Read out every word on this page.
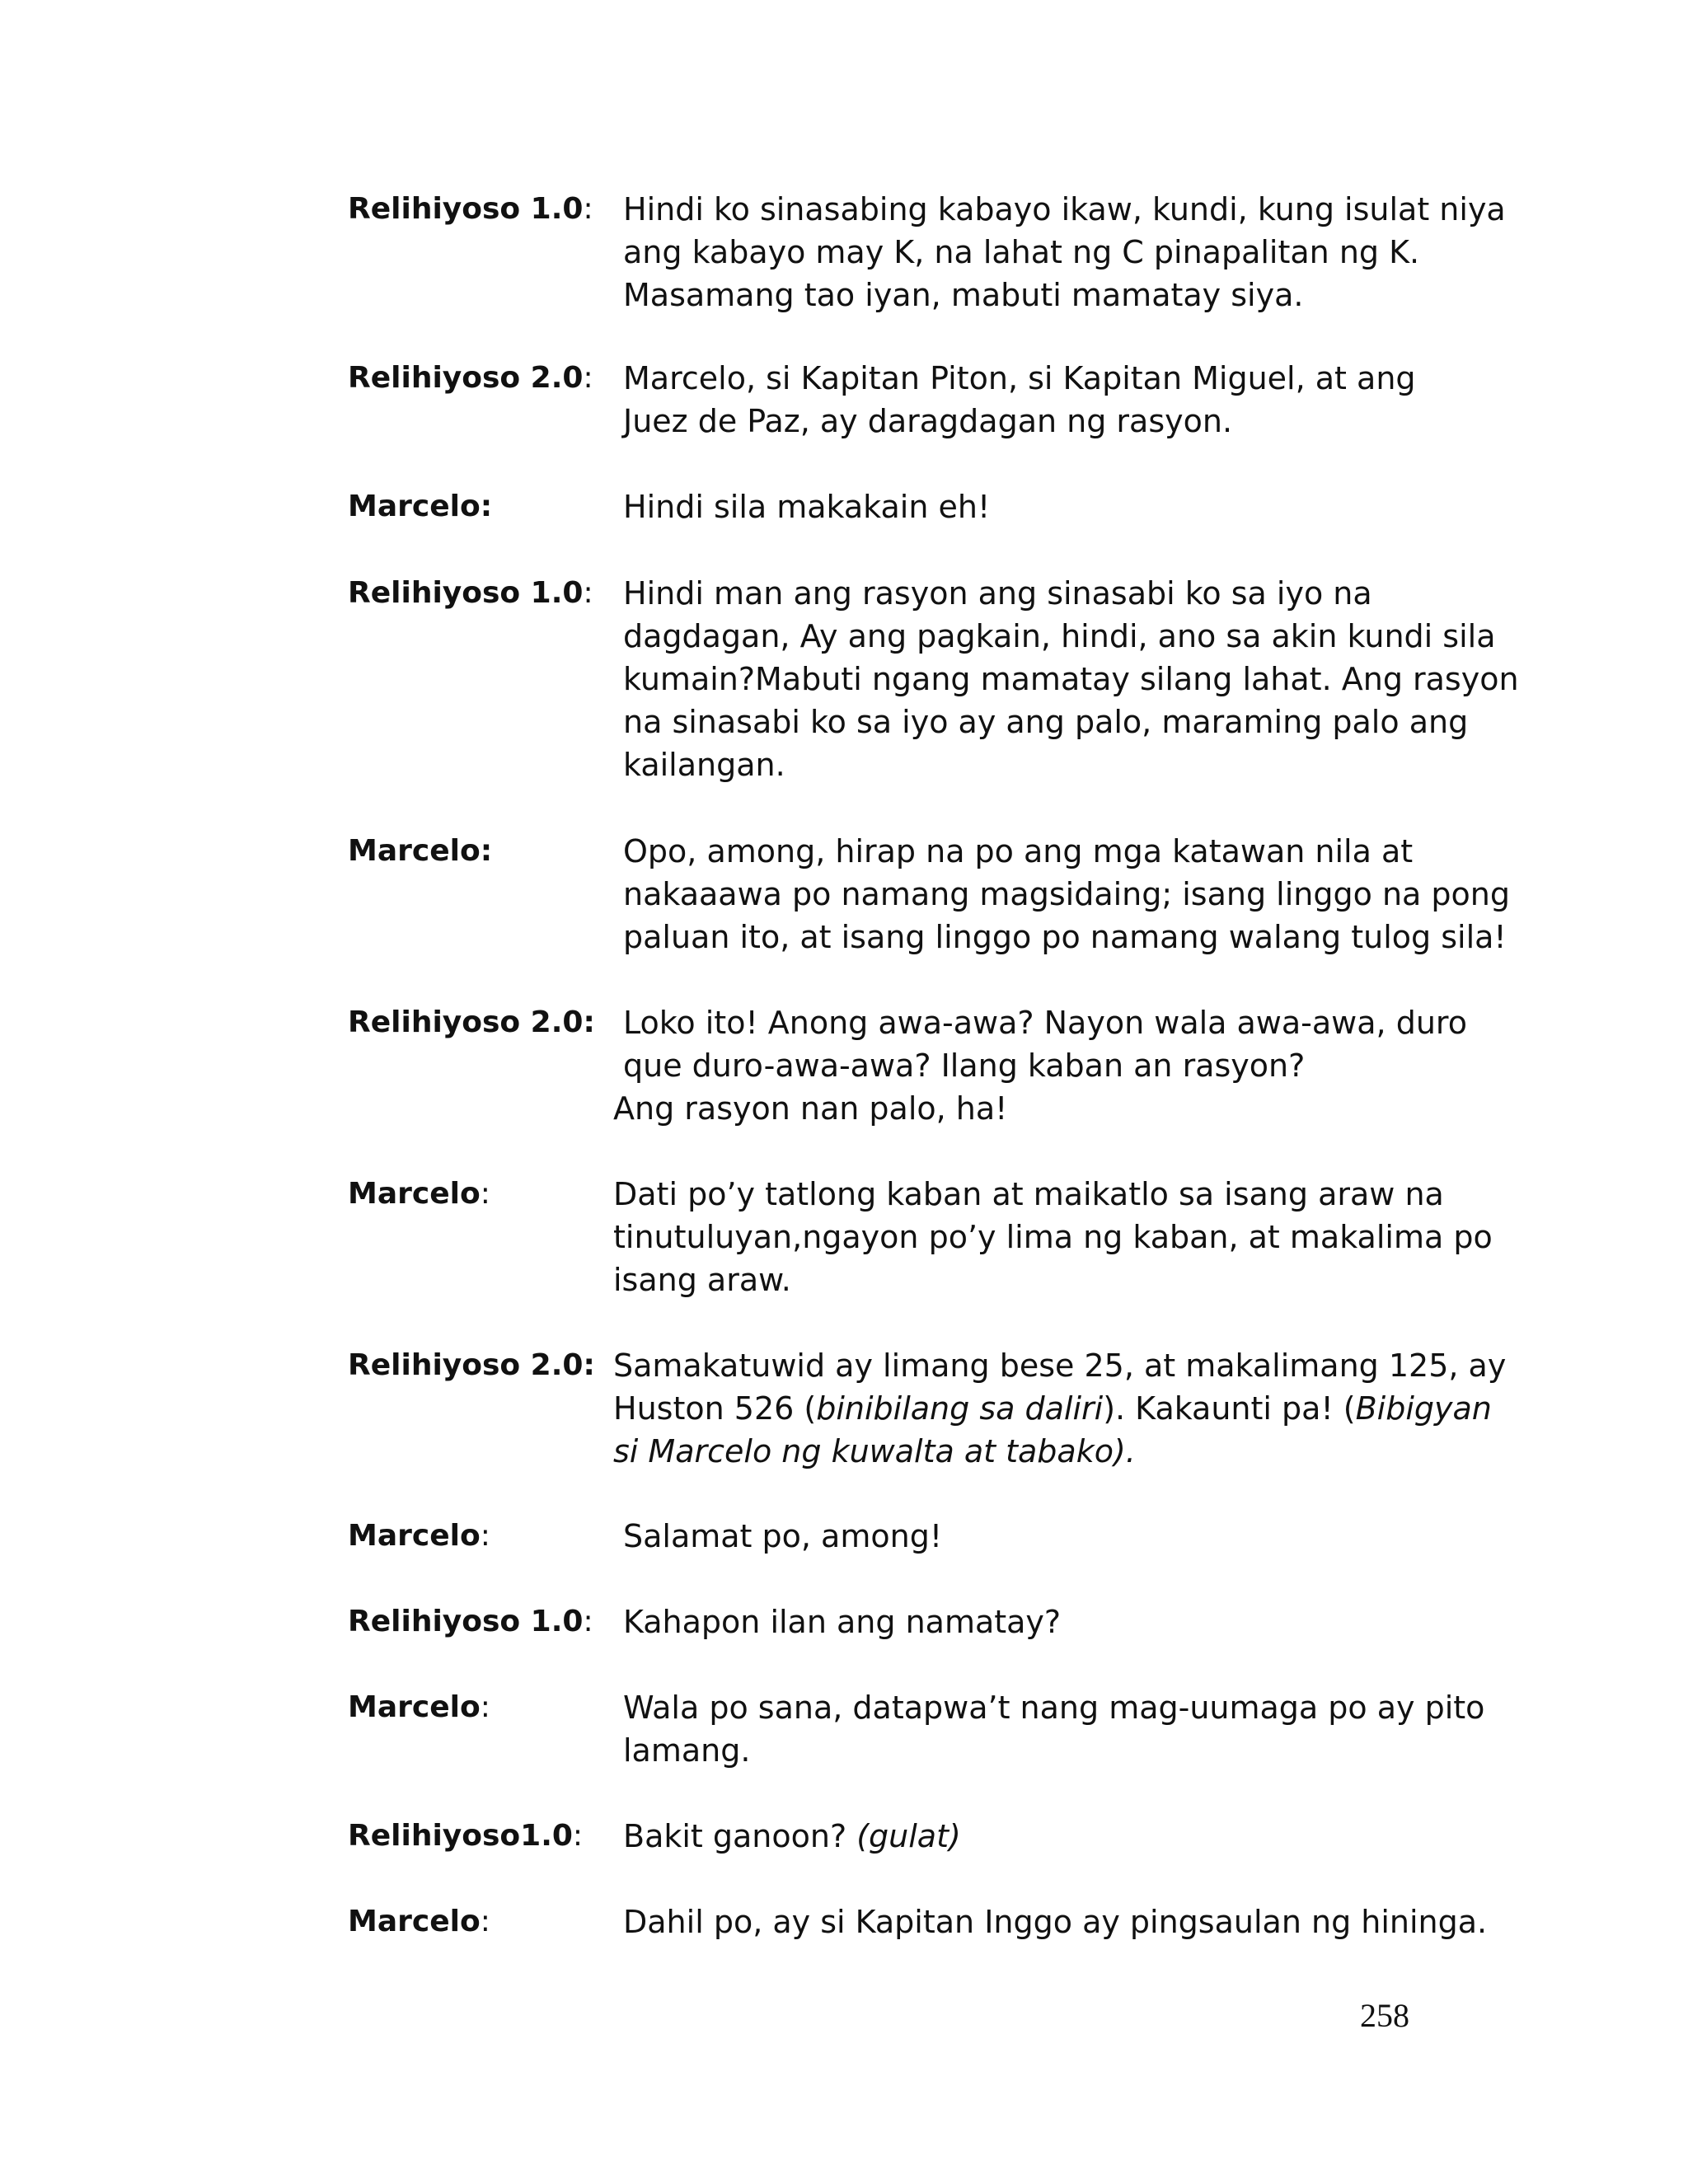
Relihiyoso 1.0: Hindi ko sinasabing kabayo ikaw, kundi, kung isulat niya
ang kabayo may K, na lahat ng C pinapalitan ng K.
Masamang tao iyan, mabuti mamatay siya.
Relihiyoso 2.0: Marcelo, si Kapitan Piton, si Kapitan Miguel, at ang
Juez de Paz, ay daragdagan ng rasyon.
Marcelo:	Hindi sila makakain eh!
Relihiyoso 1.0: Hindi man ang rasyon ang sinasabi ko sa iyo na
dagdagan, Ay ang pagkain, hindi, ano sa akin kundi sila
kumain?Mabuti ngang mamatay silang lahat. Ang rasyon
na sinasabi ko sa iyo ay ang palo, maraming palo ang
kailangan.
Marcelo:	Opo, among, hirap na po ang mga katawan nila at
nakaaawa po namang magsidaing; isang linggo na pong
paluan ito, at isang linggo po namang walang tulog sila!
Relihiyoso 2.0: Loko ito! Anong awa-awa? Nayon wala awa-awa, duro
que duro-awa-awa? Ilang kaban an rasyon?
Ang rasyon nan palo, ha!
Marcelo:	Dati po’y tatlong kaban at maikatlo sa isang araw na
tinutuluyan,ngayon po’y lima ng kaban, at makalima po
isang araw.
Relihiyoso 2.0: Samakatuwid ay limang bese 25, at makalimang 125, ay
Huston 526 (binibilang sa daliri). Kakaunti pa! (Bibigyan
si Marcelo ng kuwalta at tabako).
Marcelo:	Salamat po, among!
Relihiyoso 1.0: Kahapon ilan ang namatay?
Marcelo:	Wala po sana, datapwa’t nang mag-uumaga po ay pito
lamang.
Relihiyoso1.0: Bakit ganoon? (gulat)
Marcelo:	Dahil po, ay si Kapitan Inggo ay pingsaulan ng hininga.
258
